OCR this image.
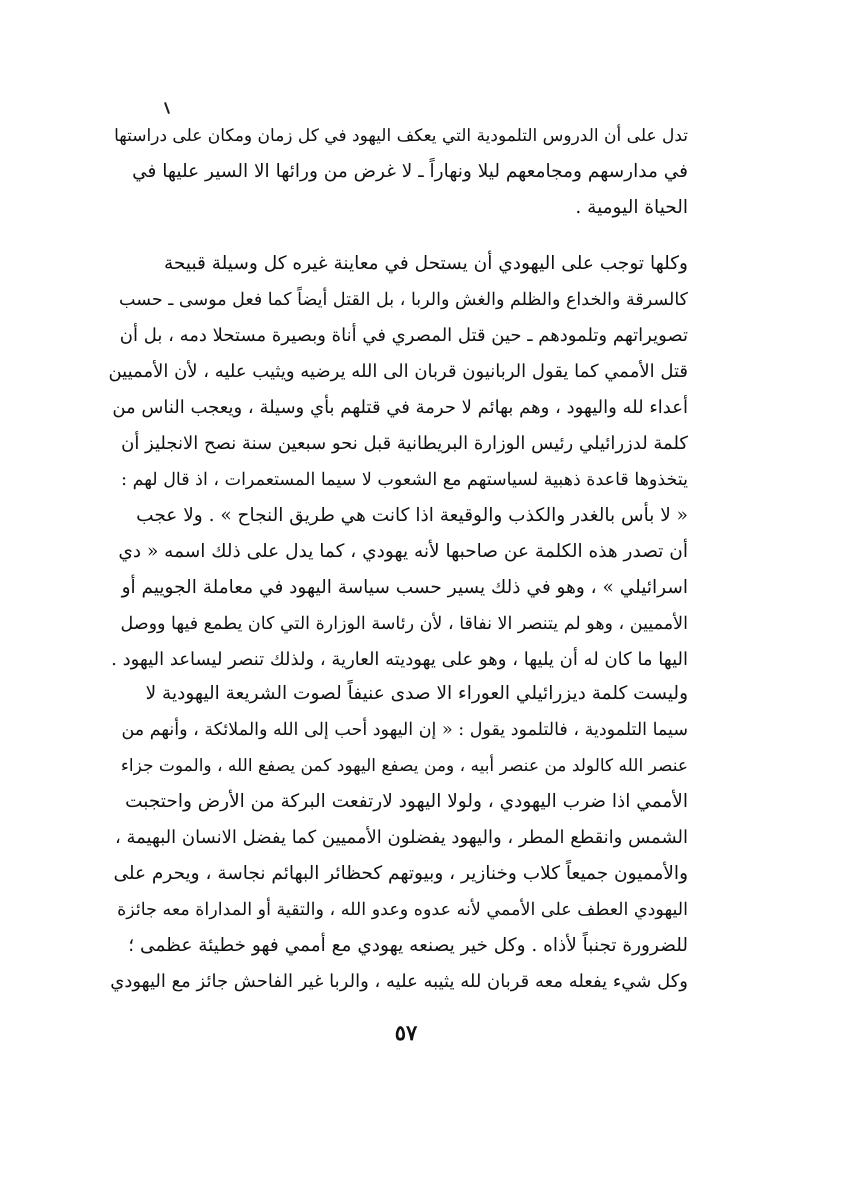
تدل على أن الدروس التلمودية التي يعكف اليهود في كل زمان ومكان على دراستها
في مدارسهم ومجامعهم ليلا ونهاراً ـ لا غرض من ورائها الا السير عليها في
الحياة اليومية .
وكلها توجب على اليهودي أن يستحل في معاينة غيره كل وسيلة قبيحة
كالسرقة والخداع والظلم والغش والربا ، بل القتل أيضاً كما فعل موسى ـ حسب
تصويراتهم وتلمودهم ـ حين قتل المصري في أناة وبصيرة مستحلا دمه ، بل أن
قتل الأممي كما يقول الربانيون قربان الى الله يرضيه ويثيب عليه ، لأن الأمميين
أعداء لله واليهود ، وهم بهائم لا حرمة في قتلهم بأي وسيلة ، ويعجب الناس من
كلمة لدزرائيلي رئيس الوزارة البريطانية قبل نحو سبعين سنة نصح الانجليز أن
يتخذوها قاعدة ذهبية لسياستهم مع الشعوب لا سيما المستعمرات ، اذ قال لهم :
« لا بأس بالغدر والكذب والوقيعة اذا كانت هي طريق النجاح » . ولا عجب
أن تصدر هذه الكلمة عن صاحبها لأنه يهودي ، كما يدل على ذلك اسمه « دي
اسرائيلي » ، وهو في ذلك يسير حسب سياسة اليهود في معاملة الجوييم أو
الأمميين ، وهو لم يتنصر الا نفاقا ، لأن رئاسة الوزارة التي كان يطمع فيها ووصل
اليها ما كان له أن يليها ، وهو على يهوديته العارية ، ولذلك تنصر ليساعد اليهود .
وليست كلمة ديزرائيلي العوراء الا صدى عنيفاً لصوت الشريعة اليهودية لا
سيما التلمودية ، فالتلمود يقول : « إن اليهود أحب إلى الله والملائكة ، وأنهم من
عنصر الله كالولد من عنصر أبيه ، ومن يصفع اليهود كمن يصفع الله ، والموت جزاء
الأممي اذا ضرب اليهودي ، ولولا اليهود لارتفعت البركة من الأرض واحتجبت
الشمس وانقطع المطر ، واليهود يفضلون الأمميين كما يفضل الانسان البهيمة ،
والأمميون جميعاً كلاب وخنازير ، وبيوتهم كحظائر البهائم نجاسة ، ويحرم على
اليهودي العطف على الأممي لأنه عدوه وعدو الله ، والتقية أو المداراة معه جائزة
للضرورة تجنباً لأذاه . وكل خير يصنعه يهودي مع أممي فهو خطيئة عظمى ؛
وكل شيء يفعله معه قربان لله يثيبه عليه ، والربا غير الفاحش جائز مع اليهودي
٥٧
